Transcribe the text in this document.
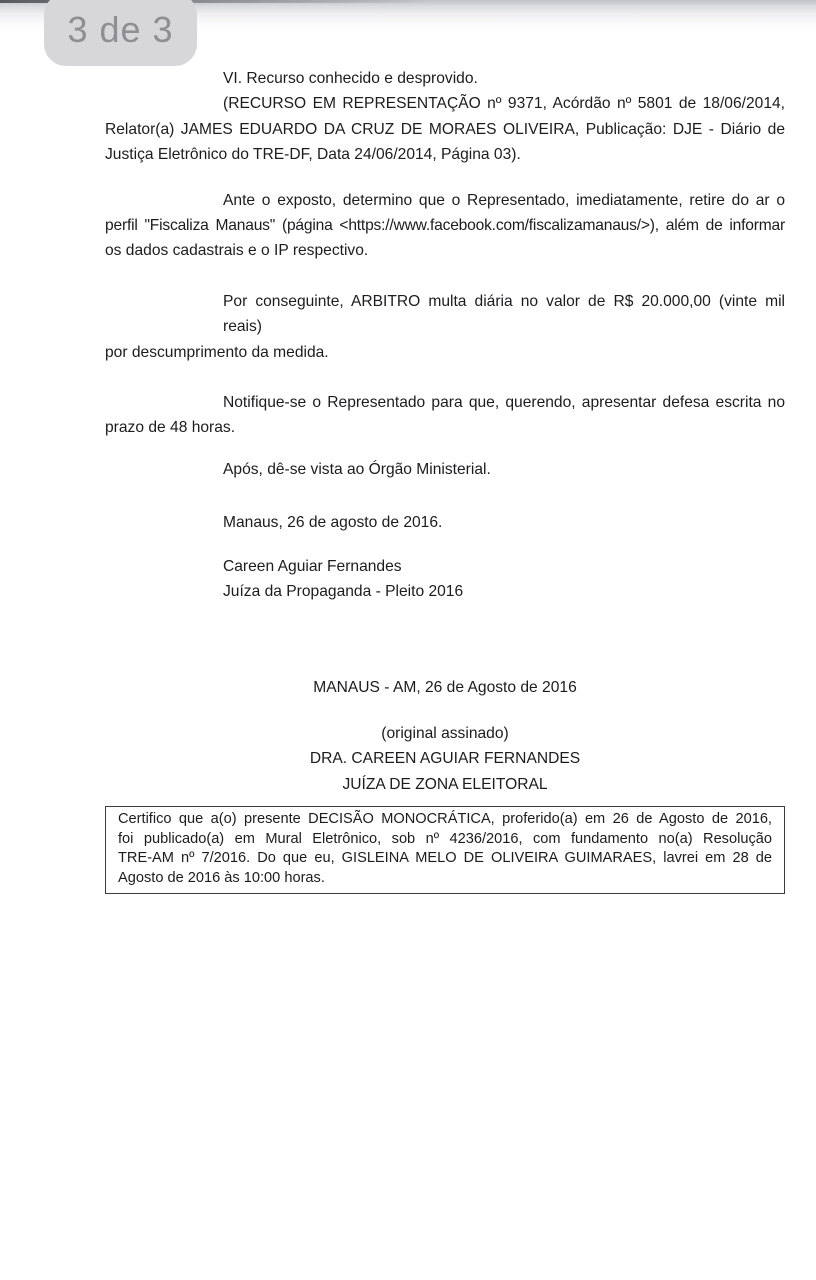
3 de 3
VI. Recurso conhecido e desprovido.
(RECURSO EM REPRESENTAÇÃO nº 9371, Acórdão nº 5801 de 18/06/2014,
Relator(a) JAMES EDUARDO DA CRUZ DE MORAES OLIVEIRA, Publicação: DJE - Diário de
Justiça Eletrônico do TRE-DF, Data 24/06/2014, Página 03).
Ante o exposto, determino que o Representado, imediatamente, retire do ar o
perfil "Fiscaliza Manaus" (página <https://www.facebook.com/fiscalizamanaus/>), além de informar
os dados cadastrais e o IP respectivo.
Por conseguinte, ARBITRO multa diária no valor de R$ 20.000,00 (vinte mil reais)
por descumprimento da medida.
Notifique-se o Representado para que, querendo, apresentar defesa escrita no
prazo de 48 horas.
Após, dê-se vista ao Órgão Ministerial.
Manaus, 26 de agosto de 2016.
Careen Aguiar Fernandes
Juíza da Propaganda - Pleito 2016
MANAUS - AM, 26 de Agosto de 2016
(original assinado)
DRA. CAREEN AGUIAR FERNANDES
JUÍZA DE ZONA ELEITORAL
Certifico que a(o) presente DECISÃO MONOCRÁTICA, proferido(a) em 26 de Agosto de 2016,
foi publicado(a) em Mural Eletrônico, sob nº 4236/2016, com fundamento no(a) Resolução
TRE-AM nº 7/2016. Do que eu, GISLEINA MELO DE OLIVEIRA GUIMARAES, lavrei em 28 de
Agosto de 2016 às 10:00 horas.
